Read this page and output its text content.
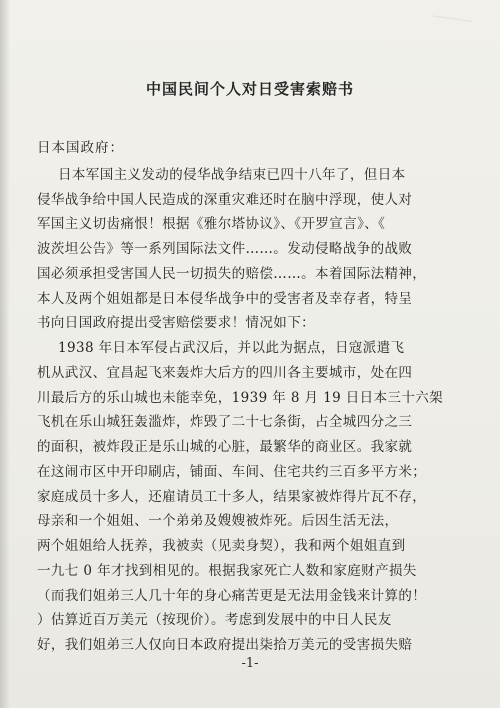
中国民间个人对日受害索赔书
日本国政府：
日本军国主义发动的侵华战争结束已四十八年了，但日本
侵华战争给中国人民造成的深重灾难还时在脑中浮现，使人对
军国主义切齿痛恨！根据《雅尔塔协议》、《开罗宣言》、《
波茨坦公告》等一系列国际法文件……。发动侵略战争的战败
国必须承担受害国人民一切损失的赔偿……。本着国际法精神，
本人及两个姐姐都是日本侵华战争中的受害者及幸存者，特呈
书向日国政府提出受害赔偿要求！情况如下：
1938 年日本军侵占武汉后，并以此为据点，日寇派遣飞
机从武汉、宜昌起飞来轰炸大后方的四川各主要城市，处在四
川最后方的乐山城也未能幸免，1939 年 8 月 19 日日本三十六架
飞机在乐山城狂轰滥炸，炸毁了二十七条街，占全城四分之三
的面积，被炸段正是乐山城的心脏，最繁华的商业区。我家就
在这闹市区中开印刷店，铺面、车间、住宅共约三百多平方米；
家庭成员十多人，还雇请员工十多人，结果家被炸得片瓦不存，
母亲和一个姐姐、一个弟弟及嫂嫂被炸死。后因生活无法，
两个姐姐给人抚养，我被卖（见卖身契），我和两个姐姐直到
一九七 0 年才找到相见的。根据我家死亡人数和家庭财产损失
（而我们姐弟三人几十年的身心痛苦更是无法用金钱来计算的！
）估算近百万美元（按现价）。考虑到发展中的中日人民友
好，我们姐弟三人仅向日本政府提出柒拾万美元的受害损失赔
-1-
